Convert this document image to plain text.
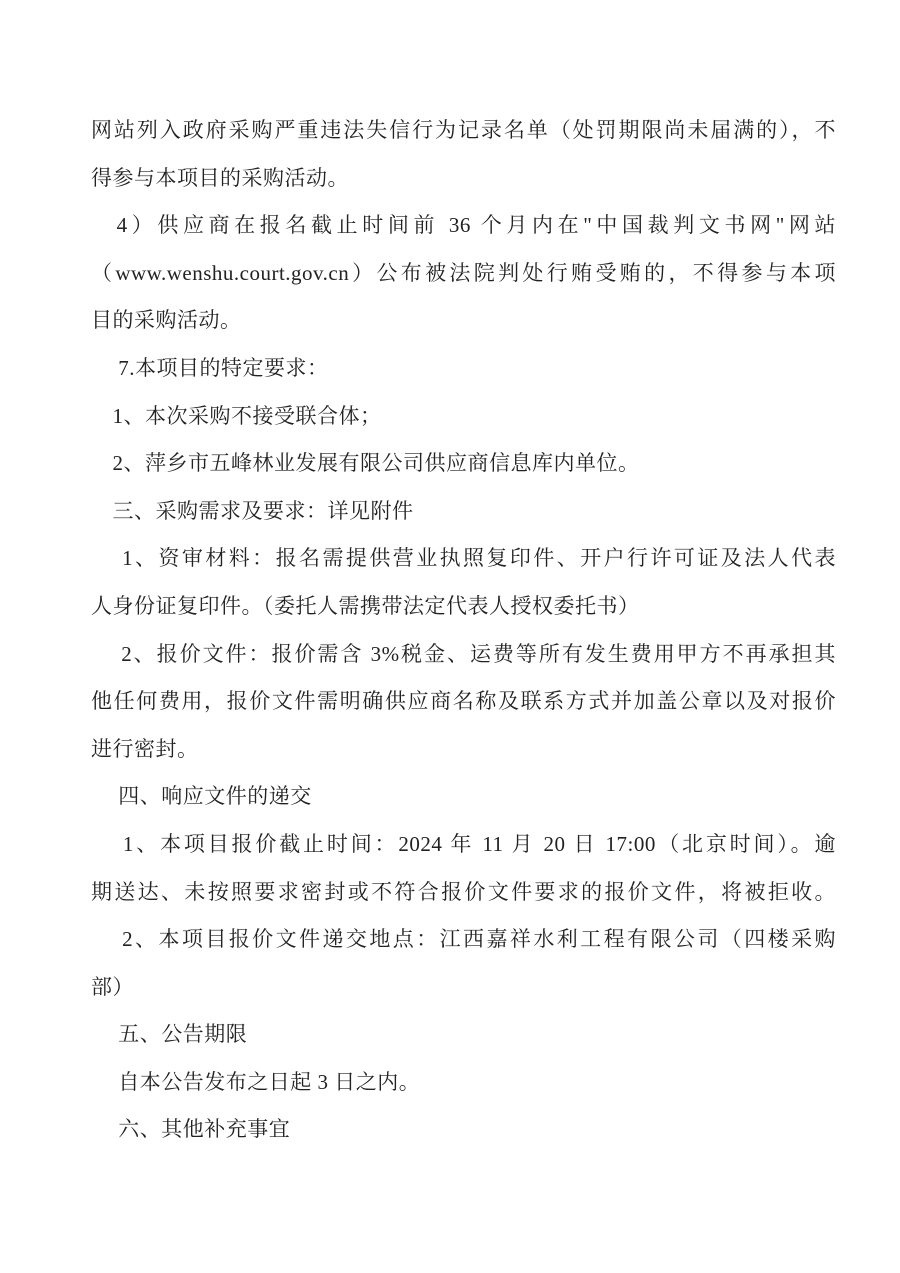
网站列入政府采购严重违法失信行为记录名单（处罚期限尚未届满的），不
得参与本项目的采购活动。
　4）供应商在报名截止时间前 36 个月内在"中国裁判文书网"网站
（www.wenshu.court.gov.cn）公布被法院判处行贿受贿的，不得参与本项
目的采购活动。
　 7.本项目的特定要求：
　1、本次采购不接受联合体；
　2、萍乡市五峰林业发展有限公司供应商信息库内单位。
　三、采购需求及要求：详见附件
　 1、资审材料：报名需提供营业执照复印件、开户行许可证及法人代表
人身份证复印件。（委托人需携带法定代表人授权委托书）
　 2、报价文件：报价需含 3%税金、运费等所有发生费用甲方不再承担其
他任何费用，报价文件需明确供应商名称及联系方式并加盖公章以及对报价
进行密封。
　 四、响应文件的递交
　 1、本项目报价截止时间：2024 年 11 月 20 日 17:00（北京时间）。逾
期送达、未按照要求密封或不符合报价文件要求的报价文件，将被拒收。
　 2、本项目报价文件递交地点：江西嘉祥水利工程有限公司（四楼采购
部）
　 五、公告期限
　 自本公告发布之日起 3 日之内。
　 六、其他补充事宜
